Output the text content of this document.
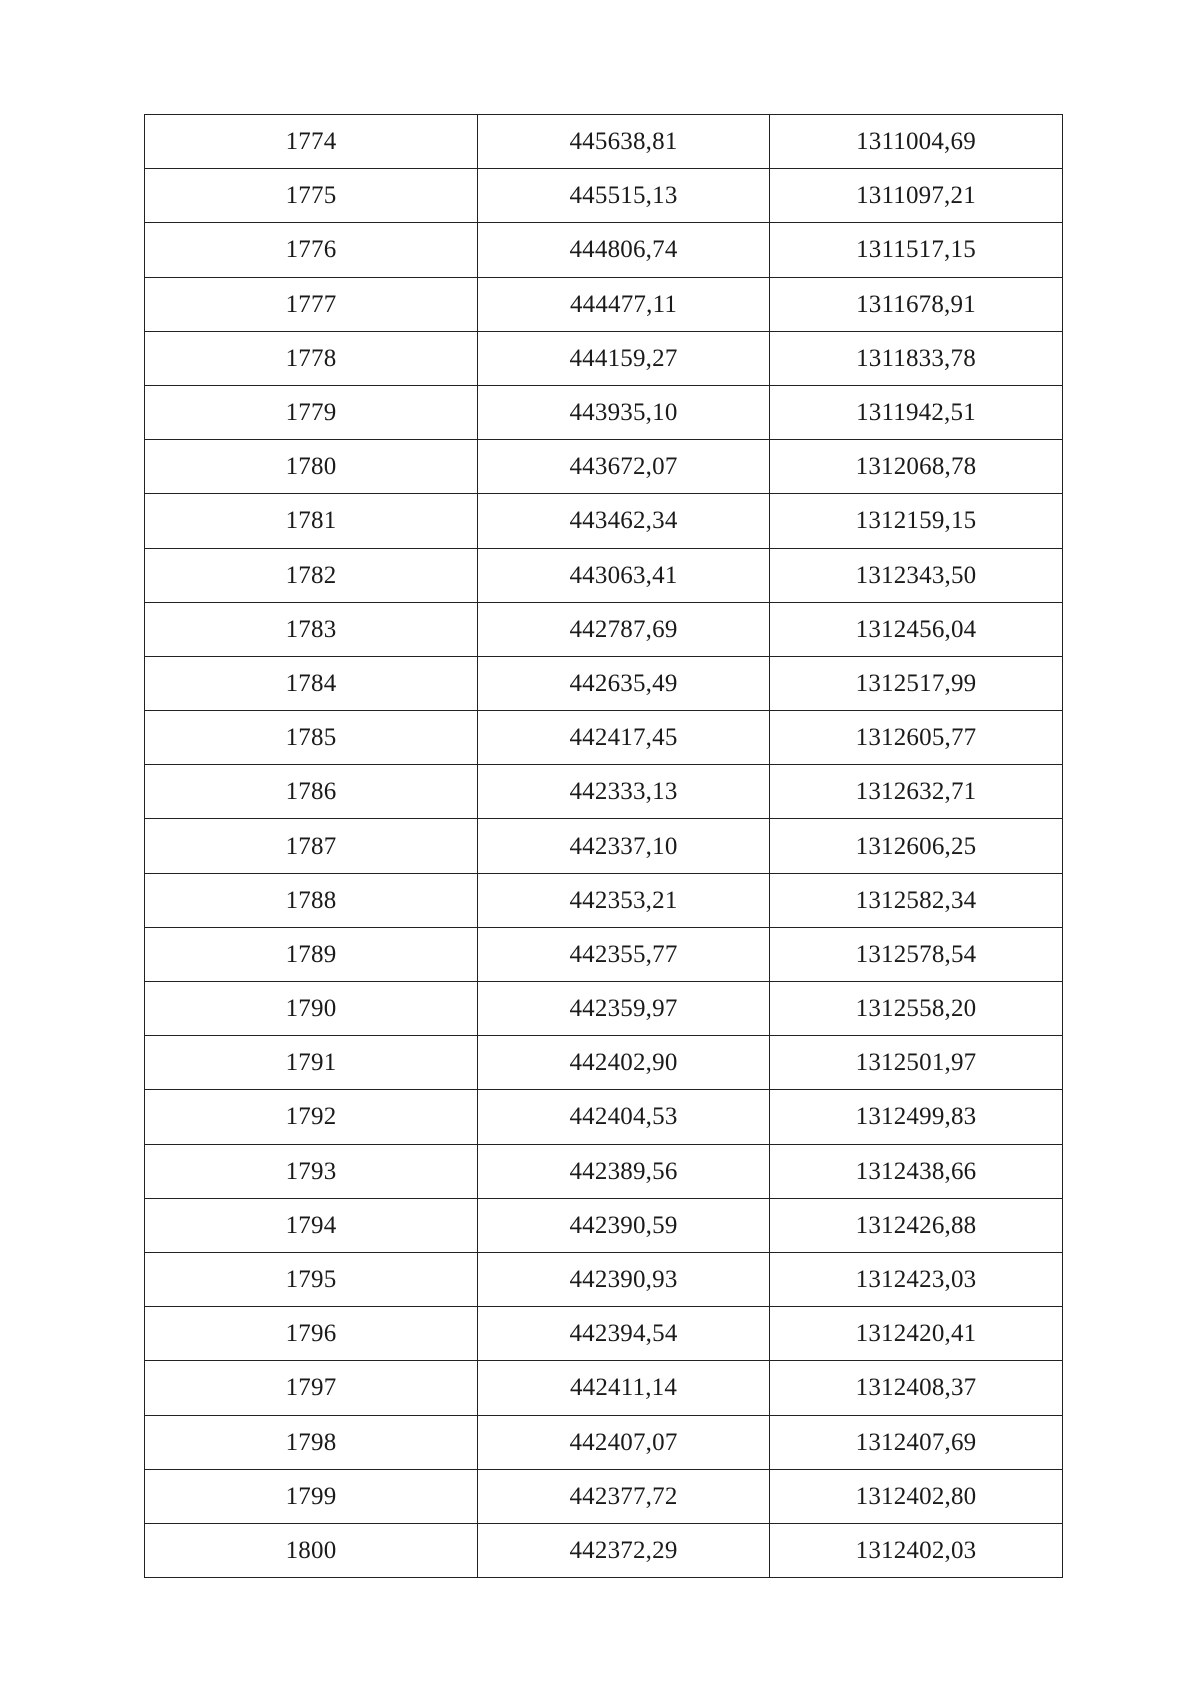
1774	445638,81	1311004,69
1775	445515,13	1311097,21
1776	444806,74	1311517,15
1777	444477,11	1311678,91
1778	444159,27	1311833,78
1779	443935,10	1311942,51
1780	443672,07	1312068,78
1781	443462,34	1312159,15
1782	443063,41	1312343,50
1783	442787,69	1312456,04
1784	442635,49	1312517,99
1785	442417,45	1312605,77
1786	442333,13	1312632,71
1787	442337,10	1312606,25
1788	442353,21	1312582,34
1789	442355,77	1312578,54
1790	442359,97	1312558,20
1791	442402,90	1312501,97
1792	442404,53	1312499,83
1793	442389,56	1312438,66
1794	442390,59	1312426,88
1795	442390,93	1312423,03
1796	442394,54	1312420,41
1797	442411,14	1312408,37
1798	442407,07	1312407,69
1799	442377,72	1312402,80
1800	442372,29	1312402,03
